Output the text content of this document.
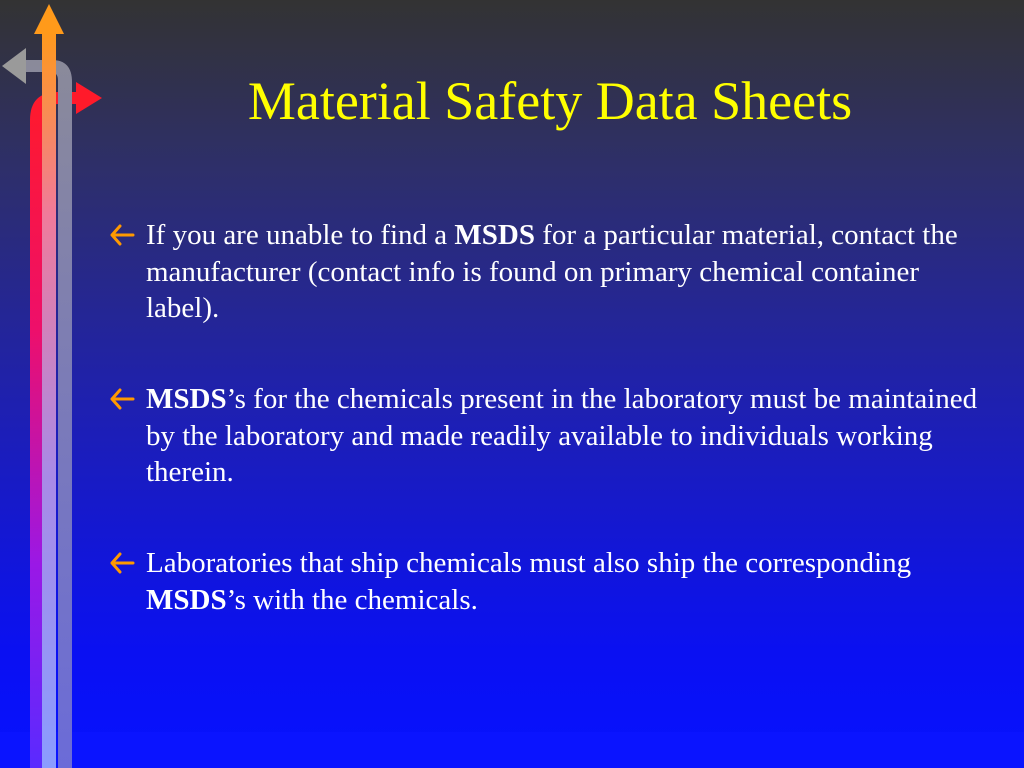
Material Safety Data Sheets
If you are unable to find a MSDS for a particular material, contact the manufacturer (contact info is found on primary chemical container label).
MSDS’s for the chemicals present in the laboratory must be maintained by the laboratory and made readily available to individuals working therein.
Laboratories that ship chemicals must also ship the corresponding MSDS’s with the chemicals.
